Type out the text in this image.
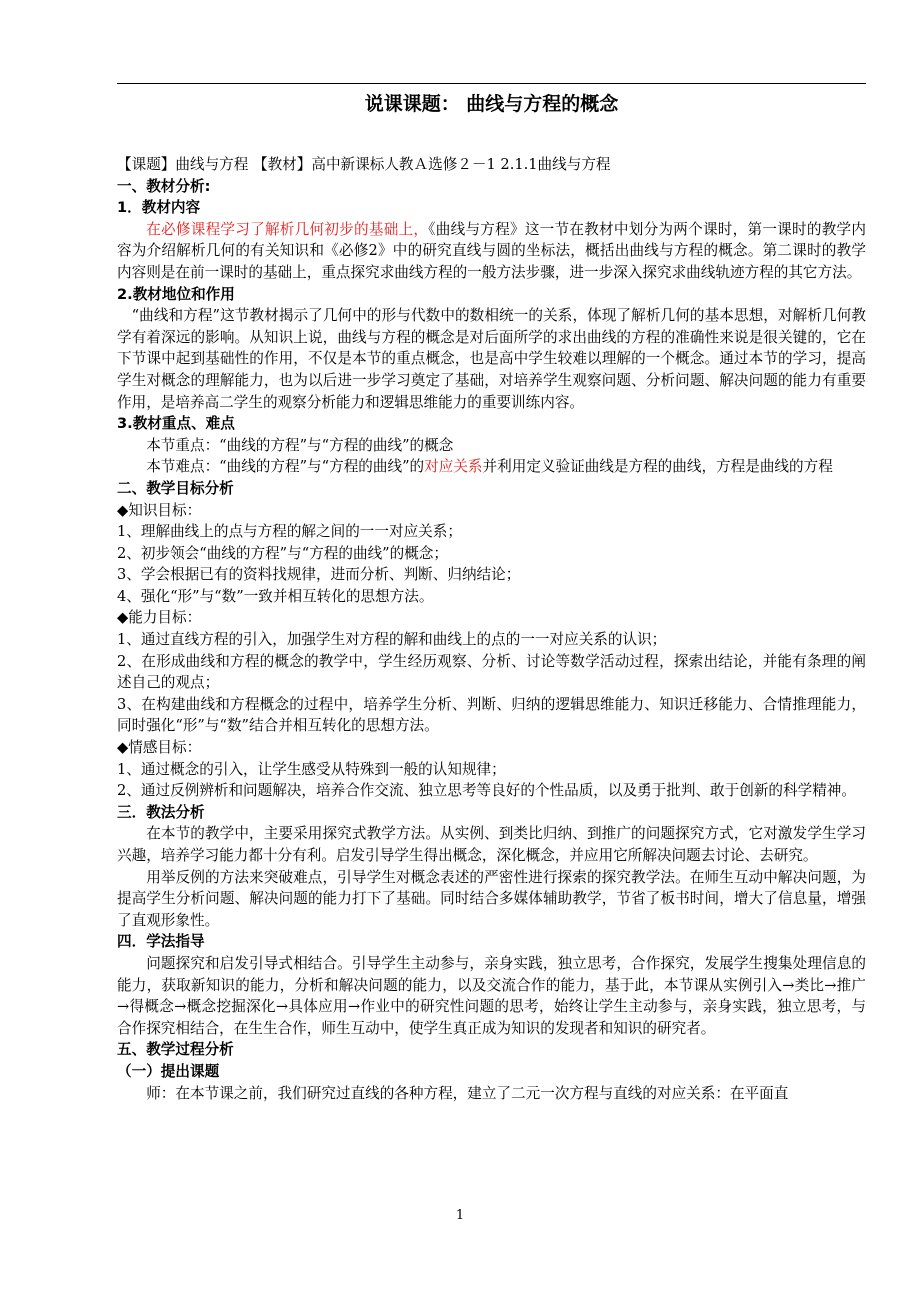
说课课题： 曲线与方程的概念

【课题】曲线与方程 【教材】高中新课标人教Ａ选修２－1 2.1.1曲线与方程

一、教材分析:

1．教材内容

在必修课程学习了解析几何初步的基础上，《曲线与方程》这一节在教材中划分为两个课时，第一课时的教学内容为介绍解析几何的有关知识和《必修2》中的研究直线与圆的坐标法，概括出曲线与方程的概念。第二课时的教学内容则是在前一课时的基础上，重点探究求曲线方程的一般方法步骤，进一步深入探究求曲线轨迹方程的其它方法。

2.教材地位和作用

“曲线和方程”这节教材揭示了几何中的形与代数中的数相统一的关系，体现了解析几何的基本思想，对解析几何教学有着深远的影响。从知识上说，曲线与方程的概念是对后面所学的求出曲线的方程的准确性来说是很关键的，它在下节课中起到基础性的作用，不仅是本节的重点概念，也是高中学生较难以理解的一个概念。通过本节的学习，提高学生对概念的理解能力，也为以后进一步学习奠定了基础，对培养学生观察问题、分析问题、解决问题的能力有重要作用，是培养高二学生的观察分析能力和逻辑思维能力的重要训练内容。

3.教材重点、难点

本节重点：“曲线的方程”与“方程的曲线”的概念

本节难点：“曲线的方程”与“方程的曲线”的对应关系并利用定义验证曲线是方程的曲线，方程是曲线的方程

二、教学目标分析

◆知识目标：

1、理解曲线上的点与方程的解之间的一一对应关系；

2、初步领会“曲线的方程”与“方程的曲线”的概念；

3、学会根据已有的资料找规律，进而分析、判断、归纳结论；

4、强化“形”与“数”一致并相互转化的思想方法。

◆能力目标：

1、通过直线方程的引入，加强学生对方程的解和曲线上的点的一一对应关系的认识；

2、在形成曲线和方程的概念的教学中，学生经历观察、分析、讨论等数学活动过程，探索出结论，并能有条理的阐述自己的观点；

3、在构建曲线和方程概念的过程中，培养学生分析、判断、归纳的逻辑思维能力、知识迁移能力、合情推理能力，同时强化“形”与“数”结合并相互转化的思想方法。

◆情感目标：

1、通过概念的引入，让学生感受从特殊到一般的认知规律；

2、通过反例辨析和问题解决，培养合作交流、独立思考等良好的个性品质，以及勇于批判、敢于创新的科学精神。

三．教法分析

在本节的教学中，主要采用探究式教学方法。从实例、到类比归纳、到推广的问题探究方式，它对激发学生学习兴趣，培养学习能力都十分有利。启发引导学生得出概念，深化概念，并应用它所解决问题去讨论、去研究。

用举反例的方法来突破难点，引导学生对概念表述的严密性进行探索的探究教学法。在师生互动中解决问题，为提高学生分析问题、解决问题的能力打下了基础。同时结合多媒体辅助教学，节省了板书时间，增大了信息量，增强了直观形象性。

四．学法指导

问题探究和启发引导式相结合。引导学生主动参与，亲身实践，独立思考，合作探究，发展学生搜集处理信息的能力，获取新知识的能力，分析和解决问题的能力，以及交流合作的能力，基于此，本节课从实例引入→类比→推广→得概念→概念挖掘深化→具体应用→作业中的研究性问题的思考，始终让学生主动参与，亲身实践，独立思考，与合作探究相结合，在生生合作，师生互动中，使学生真正成为知识的发现者和知识的研究者。

五、教学过程分析

（一）提出课题

师：在本节课之前，我们研究过直线的各种方程，建立了二元一次方程与直线的对应关系：在平面直

1
